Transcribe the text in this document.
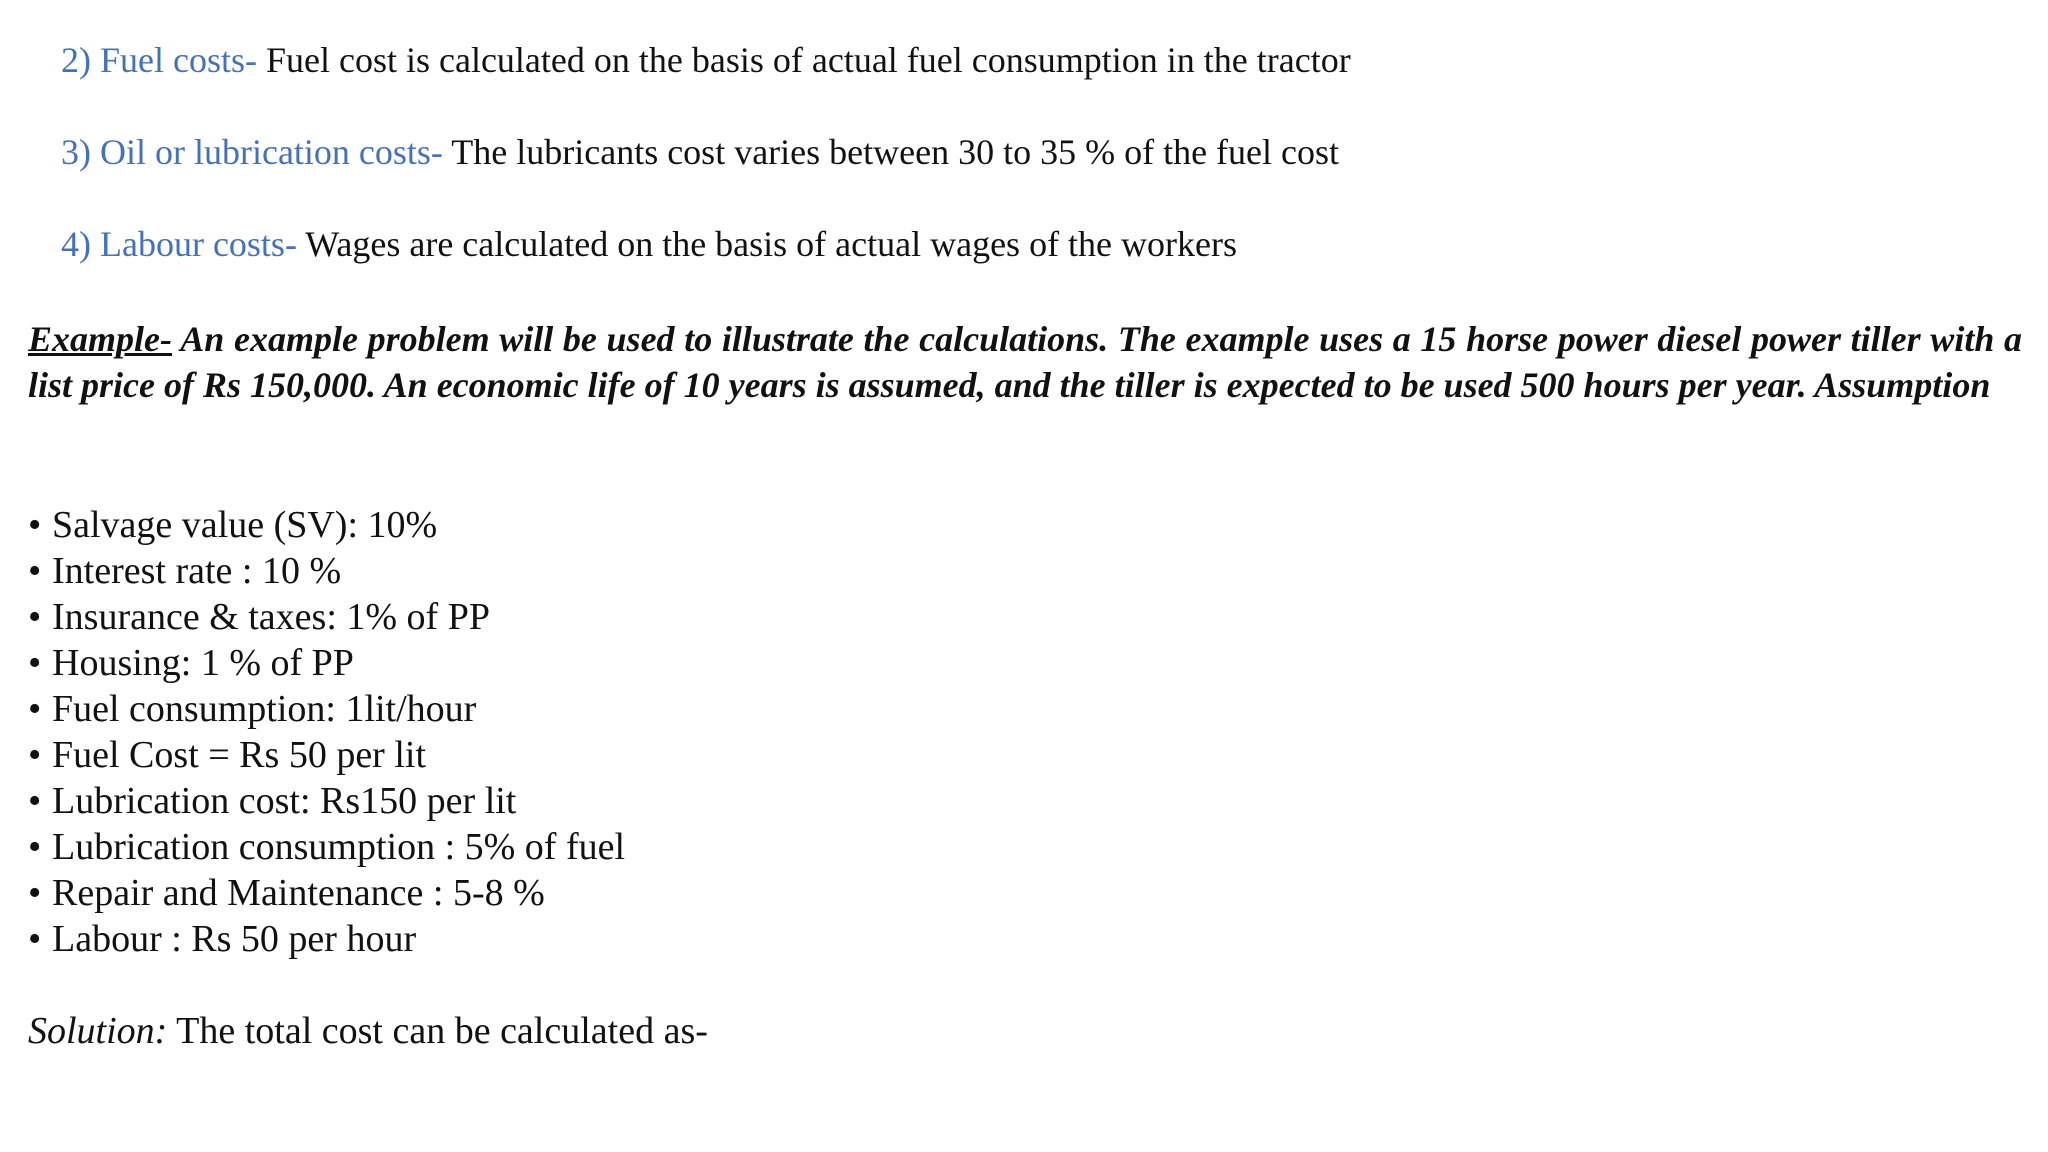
2) Fuel costs- Fuel cost is calculated on the basis of actual fuel consumption in the tractor
3) Oil or lubrication costs- The lubricants cost varies between 30 to 35 % of the fuel cost
4) Labour costs- Wages are calculated on the basis of actual wages of the workers
Example- An example problem will be used to illustrate the calculations. The example uses a 15 horse power diesel power tiller with a list price of Rs 150,000. An economic life of 10 years is assumed, and the tiller is expected to be used 500 hours per year. Assumption
• Salvage value (SV): 10%
• Interest rate : 10 %
• Insurance & taxes: 1% of PP
• Housing: 1 % of PP
• Fuel consumption: 1lit/hour
• Fuel Cost = Rs 50 per lit
• Lubrication cost: Rs150 per lit
• Lubrication consumption : 5% of fuel
• Repair and Maintenance : 5-8 %
• Labour : Rs 50 per hour
Solution: The total cost can be calculated as-
